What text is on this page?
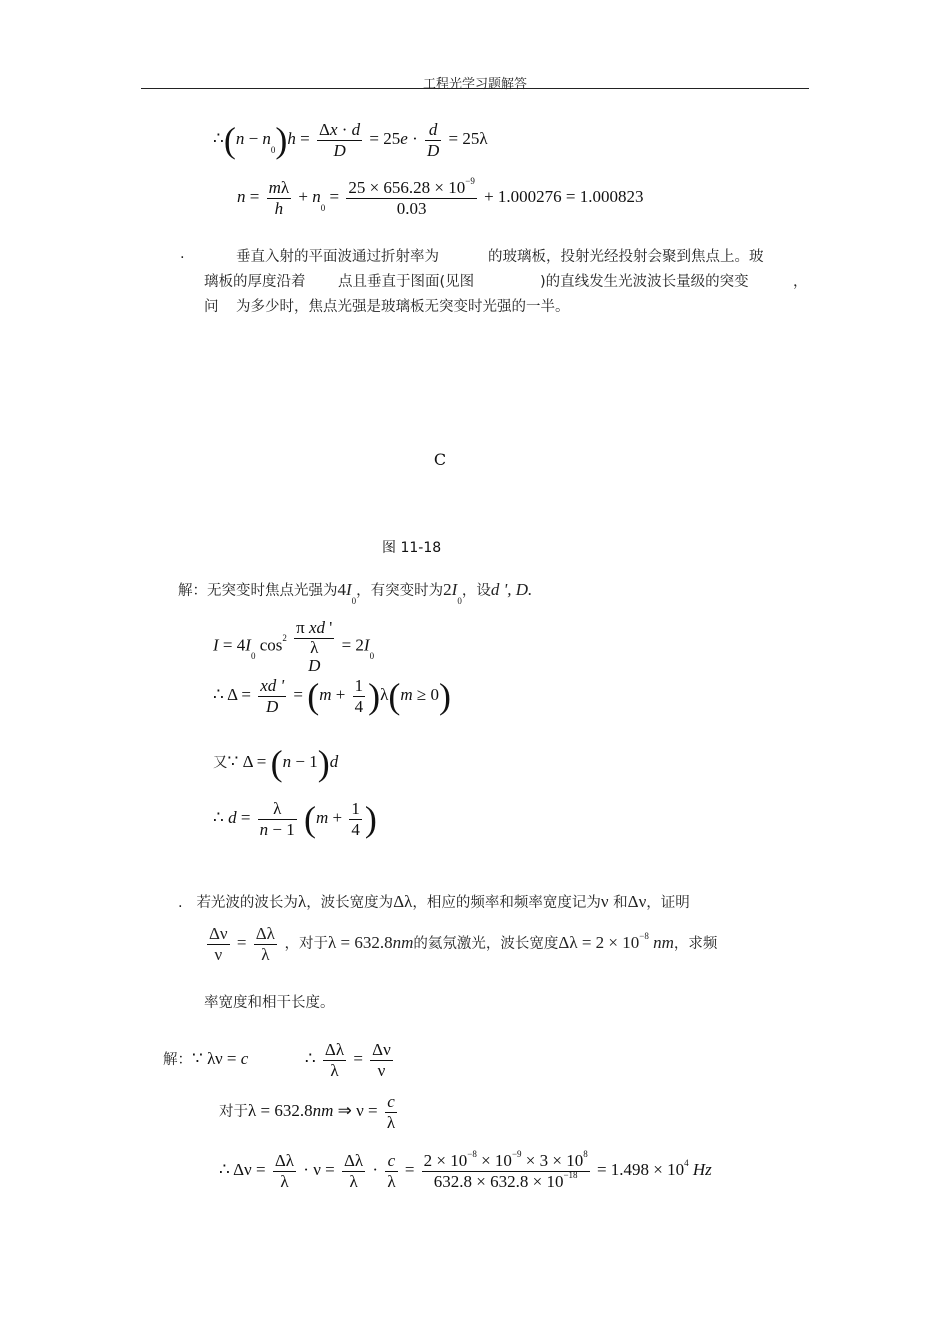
工程光学习题解答
∴(n − $n_0)h = \frac{\Delta x \cdot d}{D} = 25e \cdot \frac{d}{D} = 25\lambda$
$n = \frac{m\lambda}{h} + n_0 = \frac{25 \times 656.28 \times 10^{-9}}{0.03} + 1.000276 = 1.000823$
.	垂直入射的平面波通过折射率为	的玻璃板，投射光经投射会聚到焦点上。玻
璃板的厚度沿着 点且垂直于图面(见图	)的直线发生光波波长量级的突变	，
问 为多少时，焦点光强是玻璃板无突变时光强的一半。
C
图 11-18
解：无突变时焦点光强为$4I_0$，有突变时为$2I_0$，设d ', D.
$I = 4I_0$ $\cos^2$
π xd '
λ
D
= $2I_0$
∴ $\Delta = \frac{xd '}{D} = (m + \frac{1}{4} )\lambda(m \ge 0)$
又∵ Δ = (n − 1)d
∴ $d = \frac{\lambda}{n - 1} (m + \frac{1}{4}$ )
. 若光波的波长为λ，波长宽度为Δλ，相应的频率和频率宽度记为ν 和Δν，证明
$\frac{\Delta\nu}{\nu} = \frac{\Delta\lambda}{\lambda}$ ，对于λ = 632.8nm的氦氖激光，波长宽度$\Delta\lambda = 2 \times 10^{-8}$ nm，求频
率宽度和相干长度。
解：∵ λν = c	∴ $\frac{\Delta\lambda}{\lambda} = \frac{\Delta\nu}{\nu}$
对于λ = 632.8nm ⇒ $\nu = \frac{c}{\lambda}$
∴ $\Delta\nu = \frac{\Delta\lambda}{\lambda} \cdot \nu = \frac{\Delta\lambda}{\lambda} \cdot \frac{c}{\lambda} = \frac{2 \times 10^{-8} \times 10^{-9} \times 3 \times 10^8}{632.8 \times 632.8 \times 10^{-18}} = 1.498 \times 10^4$ Hz
